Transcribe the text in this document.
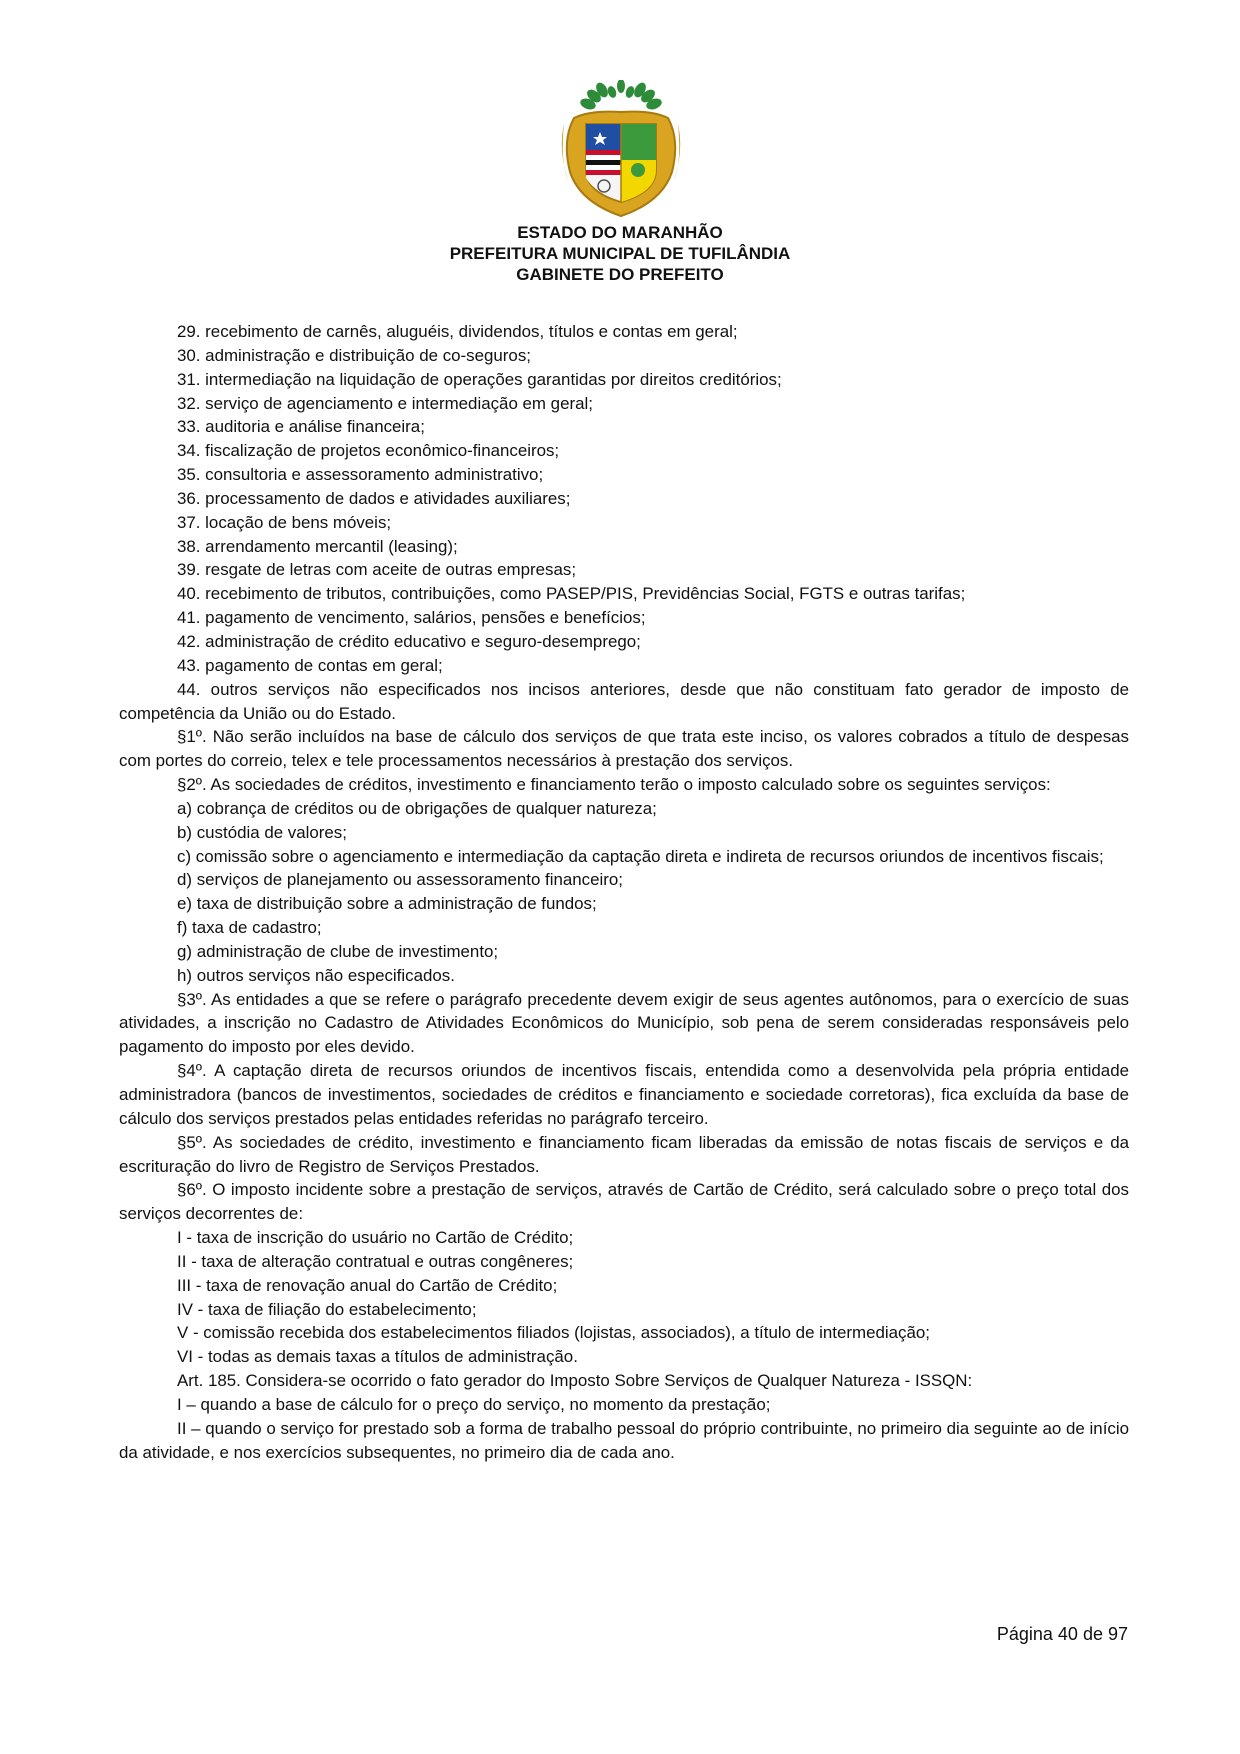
ESTADO DO MARANHÃO
PREFEITURA MUNICIPAL DE TUFILÂNDIA
GABINETE DO PREFEITO

29. recebimento de carnês, aluguéis, dividendos, títulos e contas em geral;

30. administração e distribuição de co-seguros;

31. intermediação na liquidação de operações garantidas por direitos creditórios;

32. serviço de agenciamento e intermediação em geral;

33. auditoria e análise financeira;

34. fiscalização de projetos econômico-financeiros;

35. consultoria e assessoramento administrativo;

36. processamento de dados e atividades auxiliares;

37. locação de bens móveis;

38. arrendamento mercantil (leasing);

39. resgate de letras com aceite de outras empresas;

40. recebimento de tributos, contribuições, como PASEP/PIS, Previdências Social, FGTS e outras tarifas;

41. pagamento de vencimento, salários, pensões e benefícios;

42. administração de crédito educativo e seguro-desemprego;

43. pagamento de contas em geral;

44. outros serviços não especificados nos incisos anteriores, desde que não constituam fato gerador de imposto de competência da União ou do Estado.

§1º. Não serão incluídos na base de cálculo dos serviços de que trata este inciso, os valores cobrados a título de despesas com portes do correio, telex e tele processamentos necessários à prestação dos serviços.

§2º. As sociedades de créditos, investimento e financiamento terão o imposto calculado sobre os seguintes serviços:

a) cobrança de créditos ou de obrigações de qualquer natureza;

b) custódia de valores;

c) comissão sobre o agenciamento e intermediação da captação direta e indireta de recursos oriundos de incentivos fiscais;

d) serviços de planejamento ou assessoramento financeiro;

e) taxa de distribuição sobre a administração de fundos;

f) taxa de cadastro;

g) administração de clube de investimento;

h) outros serviços não especificados.

§3º. As entidades a que se refere o parágrafo precedente devem exigir de seus agentes autônomos, para o exercício de suas atividades, a inscrição no Cadastro de Atividades Econômicos do Município, sob pena de serem consideradas responsáveis pelo pagamento do imposto por eles devido.

§4º. A captação direta de recursos oriundos de incentivos fiscais, entendida como a desenvolvida pela própria entidade administradora (bancos de investimentos, sociedades de créditos e financiamento e sociedade corretoras), fica excluída da base de cálculo dos serviços prestados pelas entidades referidas no parágrafo terceiro.

§5º. As sociedades de crédito, investimento e financiamento ficam liberadas da emissão de notas fiscais de serviços e da escrituração do livro de Registro de Serviços Prestados.

§6º. O imposto incidente sobre a prestação de serviços, através de Cartão de Crédito, será calculado sobre o preço total dos serviços decorrentes de:

I - taxa de inscrição do usuário no Cartão de Crédito;

II - taxa de alteração contratual e outras congêneres;

III - taxa de renovação anual do Cartão de Crédito;

IV - taxa de filiação do estabelecimento;

V - comissão recebida dos estabelecimentos filiados (lojistas, associados), a título de intermediação;

VI - todas as demais taxas a títulos de administração.

Art. 185. Considera-se ocorrido o fato gerador do Imposto Sobre Serviços de Qualquer Natureza - ISSQN:

I – quando a base de cálculo for o preço do serviço, no momento da prestação;

II – quando o serviço for prestado sob a forma de trabalho pessoal do próprio contribuinte, no primeiro dia seguinte ao de início da atividade, e nos exercícios subsequentes, no primeiro dia de cada ano.

Página 40 de 97
